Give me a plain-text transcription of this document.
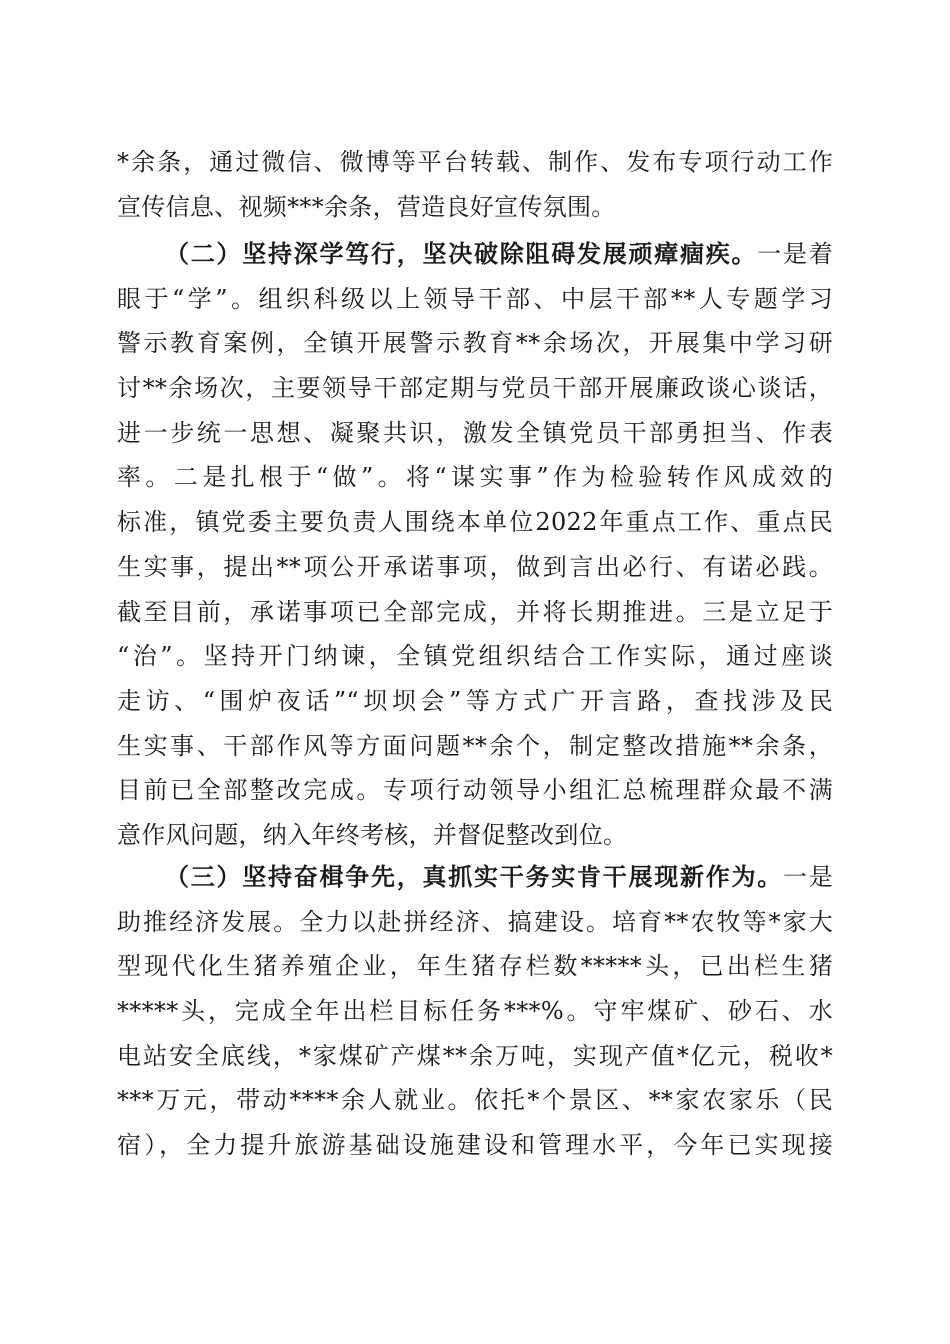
*余条，通过微信、微博等平台转载、制作、发布专项行动工作
宣传信息、视频***余条，营造良好宣传氛围。
（二）坚持深学笃行，坚决破除阻碍发展顽瘴痼疾。一是着
眼于“学”。组织科级以上领导干部、中层干部**人专题学习
警示教育案例，全镇开展警示教育**余场次，开展集中学习研
讨**余场次，主要领导干部定期与党员干部开展廉政谈心谈话，
进一步统一思想、凝聚共识，激发全镇党员干部勇担当、作表
率。二是扎根于“做”。将“谋实事”作为检验转作风成效的
标准，镇党委主要负责人围绕本单位2022年重点工作、重点民
生实事，提出**项公开承诺事项，做到言出必行、有诺必践。
截至目前，承诺事项已全部完成，并将长期推进。三是立足于
“治”。坚持开门纳谏，全镇党组织结合工作实际，通过座谈
走访、“围炉夜话”“坝坝会”等方式广开言路，查找涉及民
生实事、干部作风等方面问题**余个，制定整改措施**余条，
目前已全部整改完成。专项行动领导小组汇总梳理群众最不满
意作风问题，纳入年终考核，并督促整改到位。
（三）坚持奋楫争先，真抓实干务实肯干展现新作为。一是
助推经济发展。全力以赴拼经济、搞建设。培育**农牧等*家大
型现代化生猪养殖企业，年生猪存栏数*****头，已出栏生猪
*****头，完成全年出栏目标任务***%。守牢煤矿、砂石、水
电站安全底线，*家煤矿产煤**余万吨，实现产值*亿元，税收*
***万元，带动****余人就业。依托*个景区、**家农家乐（民
宿），全力提升旅游基础设施建设和管理水平，今年已实现接
